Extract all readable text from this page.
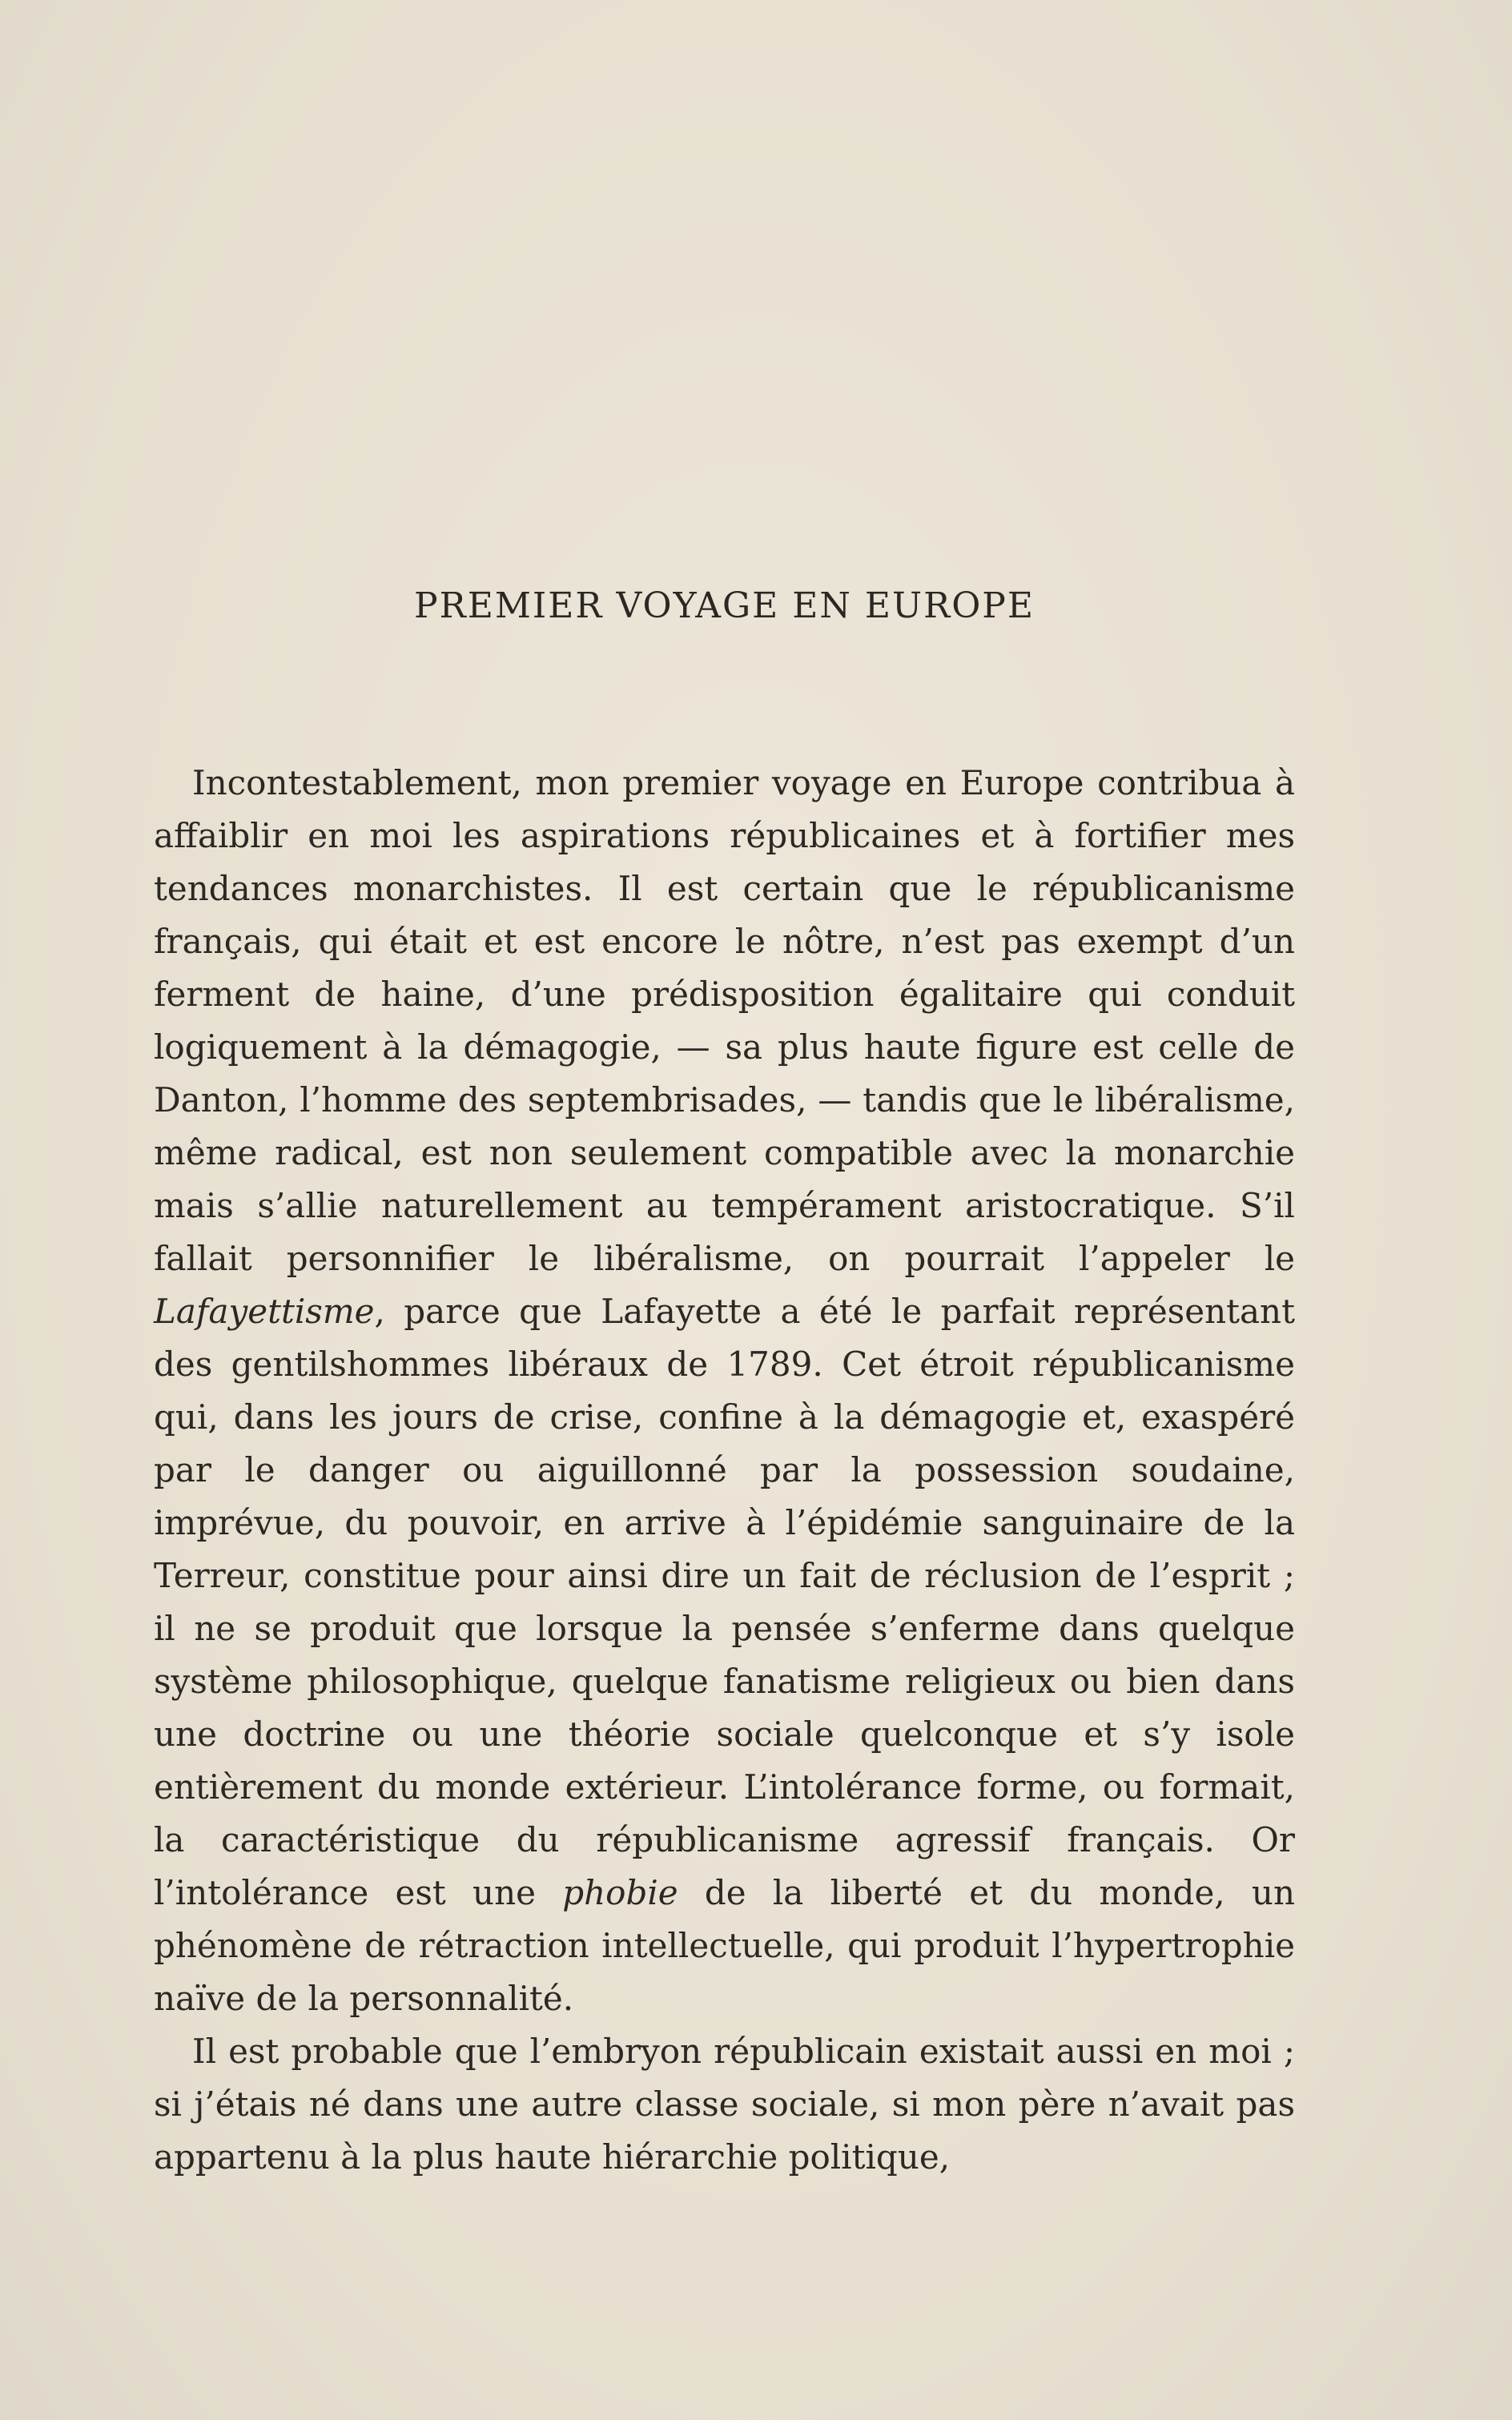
PREMIER VOYAGE EN EUROPE

Incontestablement, mon premier voyage en Europe contribua à affaiblir en moi les aspirations républicaines et à fortifier mes tendances monarchistes. Il est certain que le républicanisme français, qui était et est encore le nôtre, n’est pas exempt d’un ferment de haine, d’une prédisposition égalitaire qui conduit logiquement à la démagogie, — sa plus haute figure est celle de Danton, l’homme des septembrisades, — tandis que le libéralisme, même radical, est non seulement compatible avec la monarchie mais s’allie naturellement au tempérament aristocratique. S’il fallait personnifier le libéralisme, on pourrait l’appeler le Lafayettisme, parce que Lafayette a été le parfait représentant des gentilshommes libéraux de 1789. Cet étroit républicanisme qui, dans les jours de crise, confine à la démagogie et, exaspéré par le danger ou aiguillonné par la possession soudaine, imprévue, du pouvoir, en arrive à l’épidémie sanguinaire de la Terreur, constitue pour ainsi dire un fait de réclusion de l’esprit ; il ne se produit que lorsque la pensée s’enferme dans quelque système philosophique, quelque fanatisme religieux ou bien dans une doctrine ou une théorie sociale quelconque et s’y isole entièrement du monde extérieur. L’intolérance forme, ou formait, la caractéristique du républicanisme agressif français. Or l’intolérance est une phobie de la liberté et du monde, un phénomène de rétraction intellectuelle, qui produit l’hypertrophie naïve de la personnalité.

Il est probable que l’embryon républicain existait aussi en moi ; si j’étais né dans une autre classe sociale, si mon père n’avait pas appartenu à la plus haute hiérarchie politique,
